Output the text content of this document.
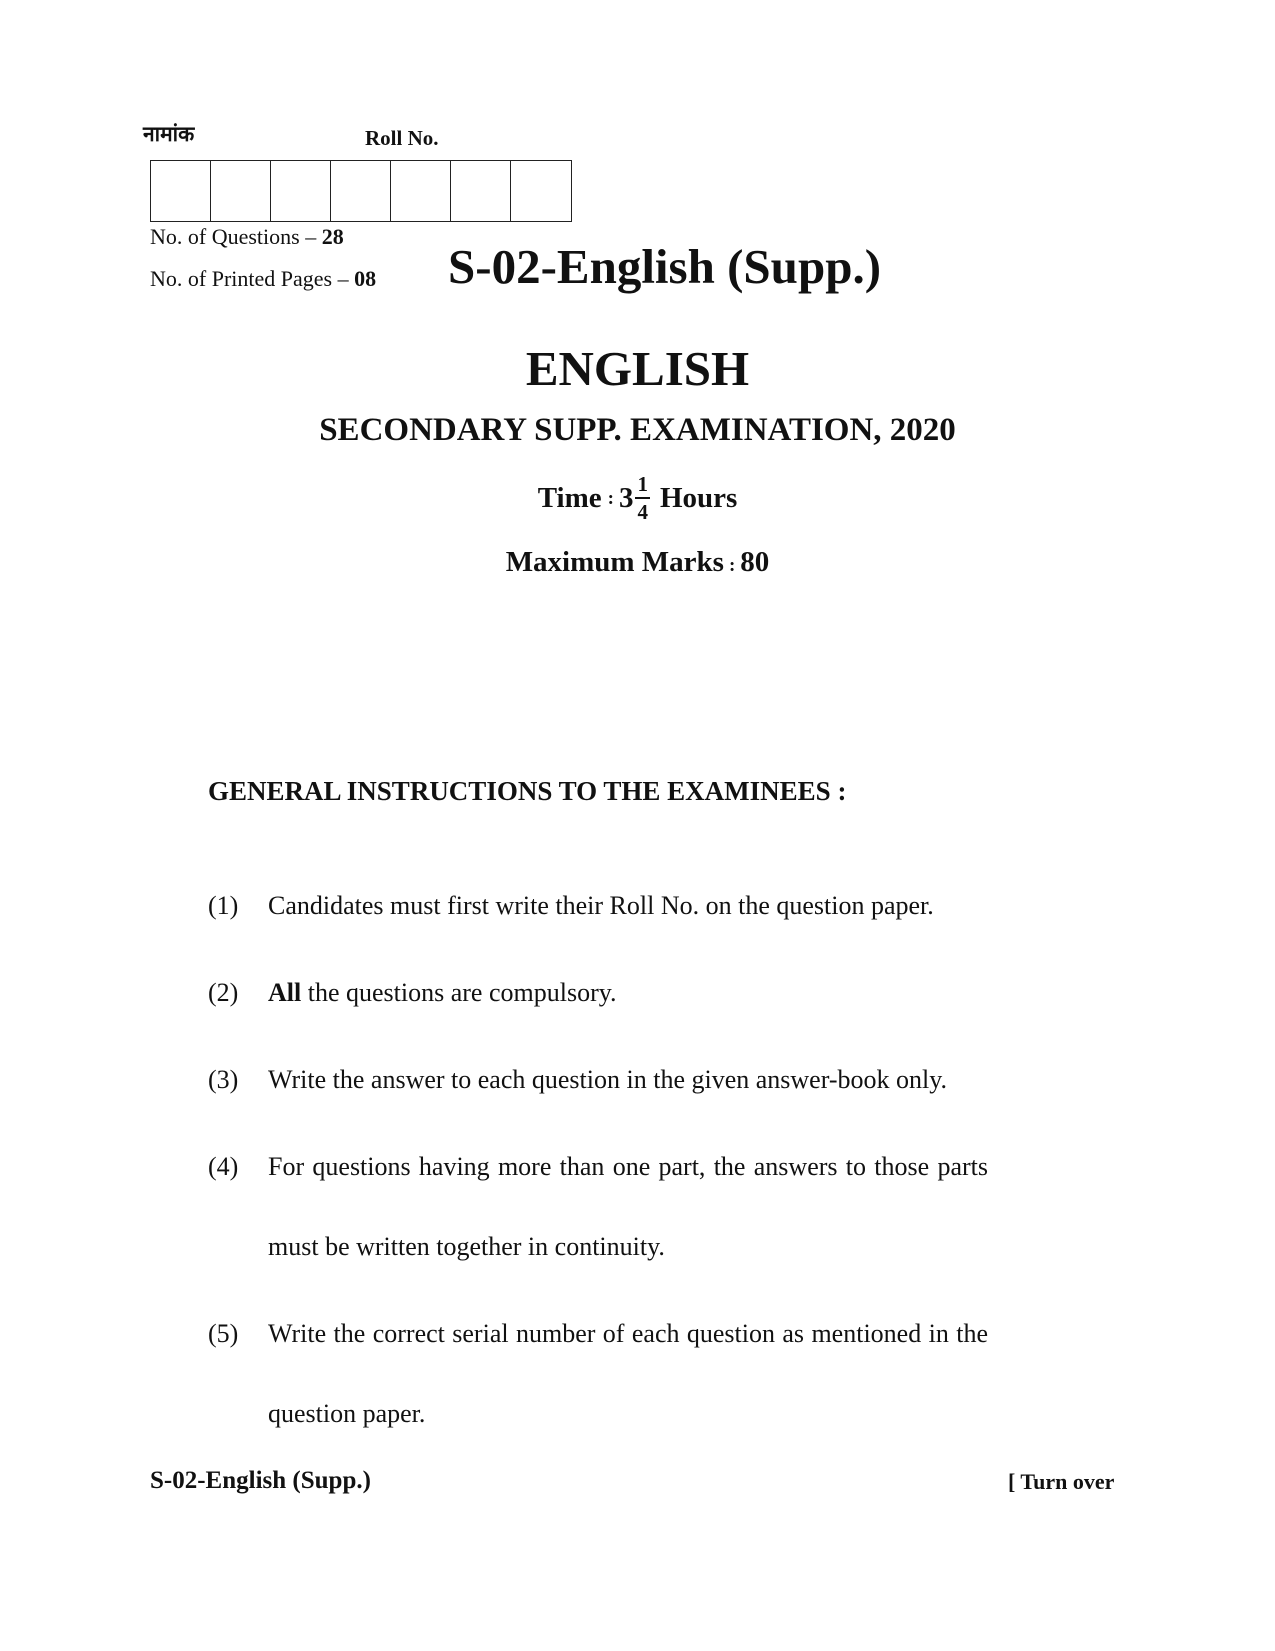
नामांक	Roll No.
No. of Questions – 28
No. of Printed Pages – 08 S-02-English (Supp.)
ENGLISH
SECONDARY SUPP. EXAMINATION, 2020
Time : $3 \frac{1}{4}$ Hours
Maximum Marks : 80
GENERAL INSTRUCTIONS TO THE EXAMINEES :
(1)	Candidates must first write their Roll No. on the question paper.
(2)	All the questions are compulsory.
(3)	Write the answer to each question in the given answer-book only.
(4)	For questions having more than one part, the answers to those parts must be written together in continuity.
(5)	Write the correct serial number of each question as mentioned in the question paper.
S-02-English (Supp.)	[ Turn over
